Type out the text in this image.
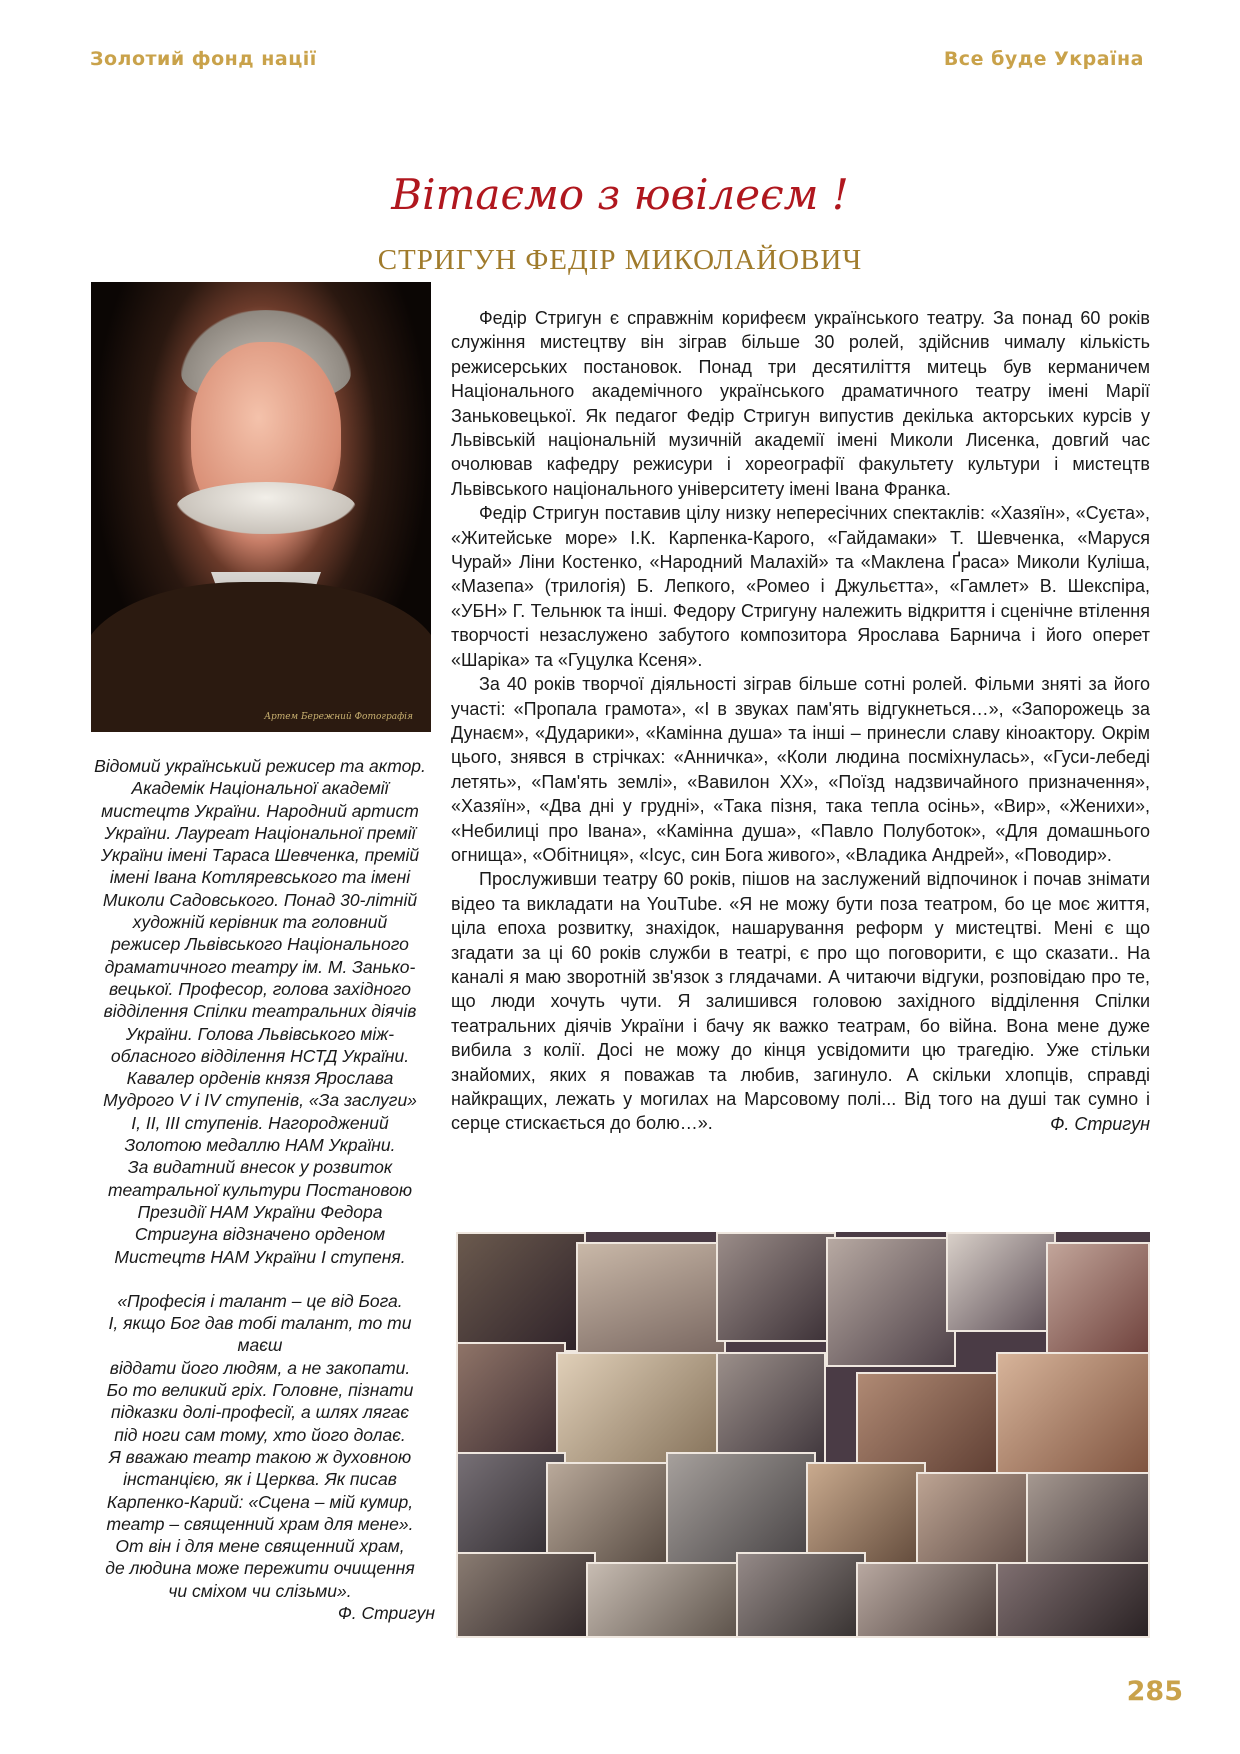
Золотий фонд нації	Все буде Україна
Вітаємо з ювілеєм !
СТРИГУН ФЕДІР МИКОЛАЙОВИЧ
Артем Бережний Фотографія

Відомий український режисер та актор.

Академік Національної академії

мистецтв України. Народний артист

України. Лауреат Національної премії

України імені Тараса Шевченка, премій

імені Івана Котляревського та імені

Миколи Садовського. Понад 30-літній

художній керівник та головний

режисер Львівського Національного

драматичного театру ім. М. Занько-

вецької. Професор, голова західного

відділення Спілки театральних діячів

України. Голова Львівського між-

обласного відділення НСТД України.

Кавалер орденів князя Ярослава

Мудрого V і IV ступенів, «За заслуги»

I, II, III ступенів. Нагороджений

Золотою медаллю НАМ України.

За видатний внесок у розвиток

театральної культури Постановою

Президії НАМ України Федора

Стригуна відзначено орденом

Мистецтв НАМ України I ступеня.

«Професія і талант – це від Бога.

І, якщо Бог дав тобі талант, то ти маєш

віддати його людям, а не закопати.

Бо то великий гріх. Головне, пізнати

підказки долі-професії, а шлях лягає

під ноги сам тому, хто його долає.

Я вважаю театр такою ж духовною

інстанцією, як і Церква. Як писав

Карпенко-Карий: «Сцена – мій кумир,

театр – священний храм для мене».

От він і для мене священний храм,

де людина може пережити очищення

чи сміхом чи слізьми».

Ф. Стригун

Федір Стригун є справжнім корифеєм українського театру. За понад 60 років служіння мистецтву він зіграв більше 30 ролей, здійснив чималу кількість режисерських постановок. Понад три десятиліття митець був керманичем Національного академічного українського драматичного театру імені Марії Заньковецької. Як педагог Федір Стригун випустив декілька акторських курсів у Львівській національній музичній академії імені Миколи Лисенка, довгий час очолював кафедру режисури і хореографії факультету культури і мистецтв Львівського національного університету імені Івана Франка.

Федір Стригун поставив цілу низку непересічних спектаклів: «Хазяїн», «Суєта», «Житейське море» І.К. Карпенка-Карого, «Гайдамаки» Т. Шевченка, «Маруся Чурай» Ліни Костенко, «Народний Малахій» та «Маклена Ґраса» Миколи Куліша, «Мазепа» (трилогія) Б. Лепкого, «Ромео і Джульєтта», «Гамлет» В. Шекспіра, «УБН» Г. Тельнюк та інші. Федору Стригуну належить відкриття і сценічне втілення творчості незаслужено забутого композитора Ярослава Барнича і його оперет «Шаріка» та «Гуцулка Ксеня».

За 40 років творчої діяльності зіграв більше сотні ролей. Фільми зняті за його участі: «Пропала грамота», «І в звуках пам'ять відгукнеться…», «Запорожець за Дунаєм», «Дударики», «Камінна душа» та інші – принесли славу кіноактору. Окрім цього, знявся в стрічках: «Анничка», «Коли людина посміхнулась», «Гуси-лебеді летять», «Пам'ять землі», «Вавилон XX», «Поїзд надзвичайного призначення», «Хазяїн», «Два дні у грудні», «Така пізня, така тепла осінь», «Вир», «Женихи», «Небилиці про Івана», «Камінна душа», «Павло Полуботок», «Для домашнього огнища», «Обітниця», «Ісус, син Бога живого», «Владика Андрей», «Поводир».

Прослуживши театру 60 років, пішов на заслужений відпочинок і почав знімати відео та викладати на YouTube. «Я не можу бути поза театром, бо це моє життя, ціла епоха розвитку, знахідок, нашарування реформ у мистецтві. Мені є що згадати за ці 60 років служби в театрі, є про що поговорити, є що сказати.. На каналі я маю зворотній зв'язок з глядачами. А читаючи відгуки, розповідаю про те, що люди хочуть чути. Я залишився головою західного відділення Спілки театральних діячів України і бачу як важко театрам, бо війна. Вона мене дуже вибила з колії. Досі не можу до кінця усвідомити цю трагедію. Уже стільки знайомих, яких я поважав та любив, загинуло. А скільки хлопців, справді найкращих, лежать у могилах на Марсовому полі... Від того на душі так сумно і серце стискається до болю…».	Ф. Стригун

285
